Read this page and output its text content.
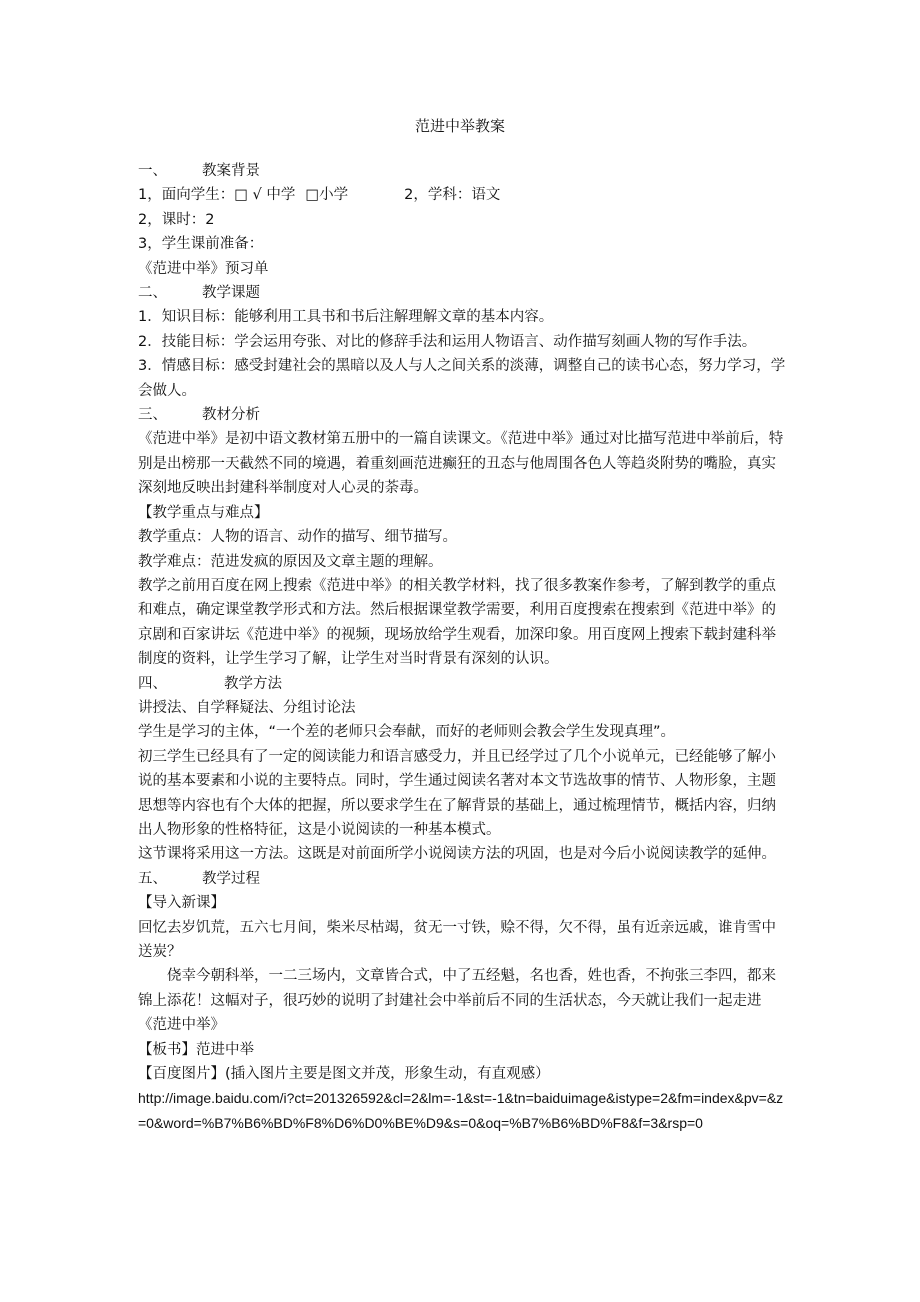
范进中举教案

一、 教案背景

1，面向学生：□ √ 中学 □小学	2，学科：语文

2，课时：2

3，学生课前准备：

《范进中举》预习单

二、 教学课题

1．知识目标：能够利用工具书和书后注解理解文章的基本内容。

2．技能目标：学会运用夸张、对比的修辞手法和运用人物语言、动作描写刻画人物的写作手法。

3．情感目标：感受封建社会的黑暗以及人与人之间关系的淡薄，调整自己的读书心态，努力学习，学会做人。

三、 教材分析

《范进中举》是初中语文教材第五册中的一篇自读课文。《范进中举》通过对比描写范进中举前后，特别是出榜那一天截然不同的境遇，着重刻画范进癫狂的丑态与他周围各色人等趋炎附势的嘴脸，真实深刻地反映出封建科举制度对人心灵的荼毒。

【教学重点与难点】

教学重点：人物的语言、动作的描写、细节描写。

教学难点：范进发疯的原因及文章主题的理解。

教学之前用百度在网上搜索《范进中举》的相关教学材料，找了很多教案作参考，了解到教学的重点和难点，确定课堂教学形式和方法。然后根据课堂教学需要，利用百度搜索在搜索到《范进中举》的京剧和百家讲坛《范进中举》的视频，现场放给学生观看，加深印象。用百度网上搜索下载封建科举制度的资料，让学生学习了解，让学生对当时背景有深刻的认识。

四、	教学方法

讲授法、自学释疑法、分组讨论法

学生是学习的主体，“一个差的老师只会奉献，而好的老师则会教会学生发现真理”。

初三学生已经具有了一定的阅读能力和语言感受力，并且已经学过了几个小说单元，已经能够了解小说的基本要素和小说的主要特点。同时，学生通过阅读名著对本文节选故事的情节、人物形象，主题思想等内容也有个大体的把握，所以要求学生在了解背景的基础上，通过梳理情节，概括内容，归纳出人物形象的性格特征，这是小说阅读的一种基本模式。

这节课将采用这一方法。这既是对前面所学小说阅读方法的巩固，也是对今后小说阅读教学的延伸。

五、 教学过程

【导入新课】

回忆去岁饥荒，五六七月间，柴米尽枯竭，贫无一寸铁，赊不得，欠不得，虽有近亲远戚，谁肯雪中送炭？

侥幸今朝科举，一二三场内，文章皆合式，中了五经魁，名也香，姓也香，不拘张三李四，都来锦上添花！这幅对子，很巧妙的说明了封建社会中举前后不同的生活状态，今天就让我们一起走进《范进中举》

【板书】范进中举

【百度图片】(插入图片主要是图文并茂，形象生动，有直观感）

http://image.baidu.com/i?ct=201326592&cl=2&lm=-1&st=-1&tn=baiduimage&istype=2&fm=index&pv=&z=0&word=%B7%B6%BD%F8%D6%D0%BE%D9&s=0&oq=%B7%B6%BD%F8&f=3&rsp=0
